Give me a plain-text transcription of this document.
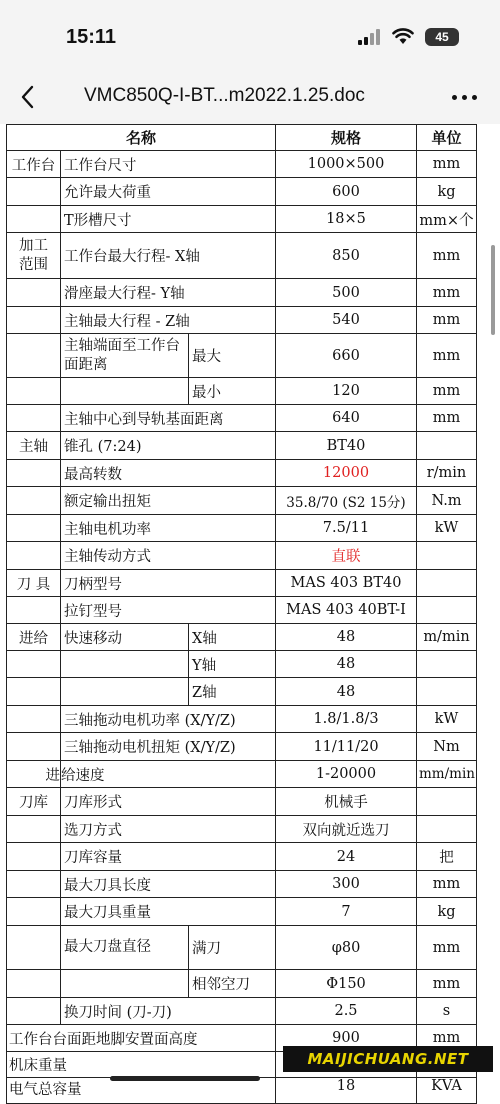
15:11	45
VMC850Q-I-BT...m2022.1.25.doc
名称			规格	单位
工作台	工作台尺寸		1000×500	mm
	允许最大荷重		600	kg
	T形槽尺寸		18×5	mm×个
加工范围	工作台最大行程- X轴		850	mm
	滑座最大行程- Y轴		500	mm
	主轴最大行程 - Z轴		540	mm
	主轴端面至工作台面距离	最大	660	mm
		最小	120	mm
	主轴中心到导轨基面距离		640	mm
主轴	锥孔 (7:24)		BT40	
	最高转数		12000	r/min
	额定输出扭矩		35.8/70 (S2 15分)	N.m
	主轴电机功率		7.5/11	kW
	主轴传动方式		直联	
刀 具	刀柄型号		MAS 403 BT40	
	拉钉型号		MAS 403 40BT-Ⅰ	
进给	快速移动	X轴	48	m/min
		Y轴	48	
		Z轴	48	
	三轴拖动电机功率 (X/Y/Z)		1.8/1.8/3	kW
	三轴拖动电机扭矩 (X/Y/Z)		11/11/20	Nm
进	给速度		1-20000	mm/min
刀库	刀库形式		机械手	
	选刀方式		双向就近选刀	
	刀库容量		24	把
	最大刀具长度		300	mm
	最大刀具重量		7	kg
	最大刀盘直径	满刀	φ80	mm
		相邻空刀	Φ150	mm
	换刀时间 (刀-刀)		2.5	s
工作台台面距地脚安置面高度			900	mm
机床重量				
电气总容量			18	KVA
MAIJICHUANG.NET
